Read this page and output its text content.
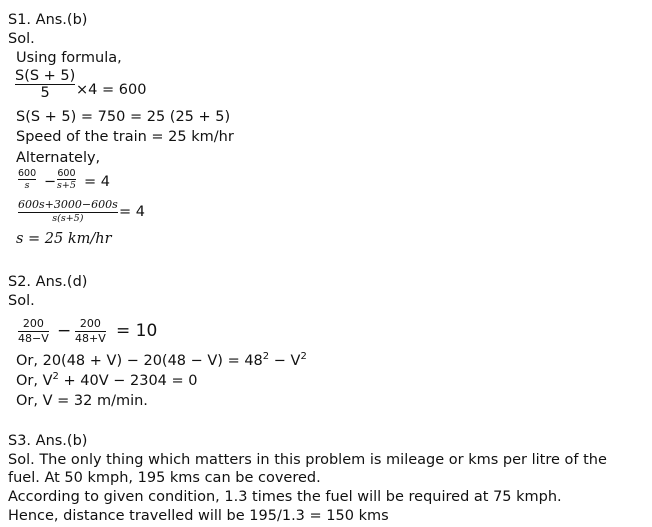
S1. Ans.(b)
Sol.
Using formula,
S(S + 5)
5 ×4 = 600
S(S + 5) = 750 = 25 (25 + 5)
Speed of the train = 25 km/hr
Alternately,
600
s −
600
s+5 = 4
600s+3000−600s
s(s+5) = 4
s = 25 km/hr
S2. Ans.(d)
Sol.
200
48−V − 200
48+V = 10
Or, $20(48 + V) - 20(48 - V) = 48^2 - V^2$
Or, $V^2 + 40V - 2304 = 0$
Or, V = 32 m/min.
S3. Ans.(b)
Sol. The only thing which matters in this problem is mileage or kms per litre of the
fuel. At 50 kmph, 195 kms can be covered.
According to given condition, 1.3 times the fuel will be required at 75 kmph.
Hence, distance travelled will be 195/1.3 = 150 kms
